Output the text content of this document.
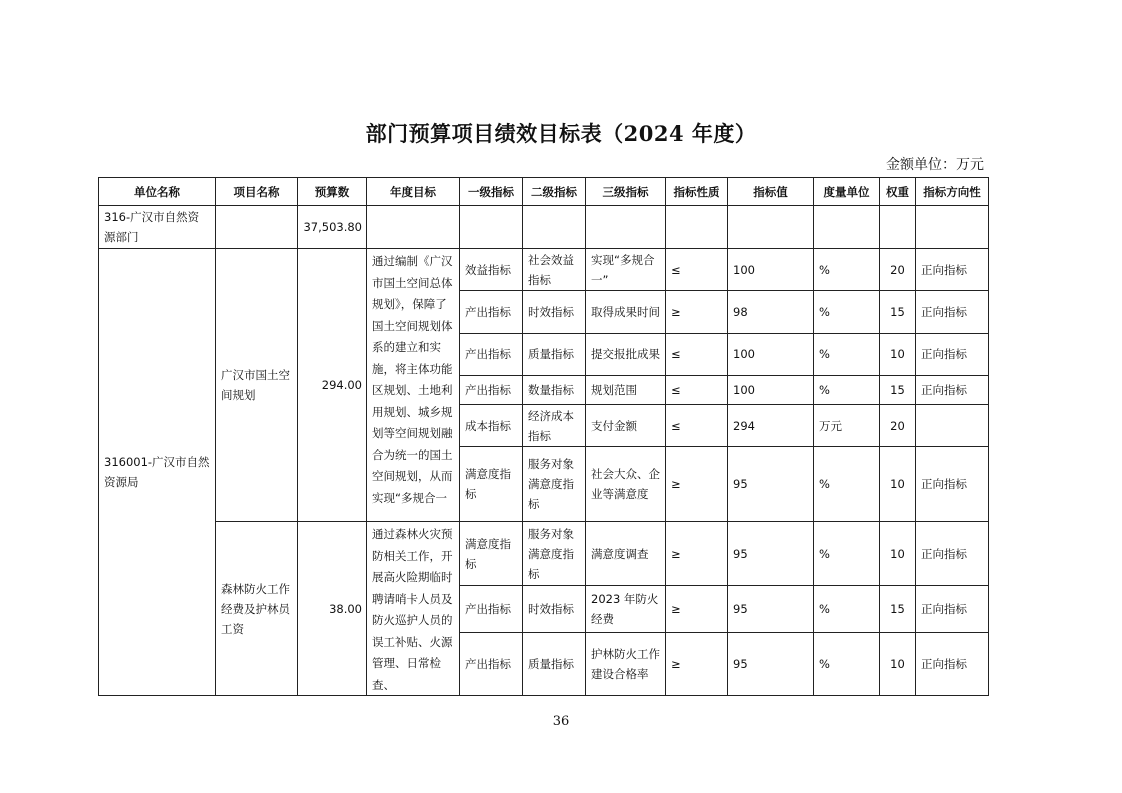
部门预算项目绩效目标表（2024 年度）
金额单位：万元
单位名称	项目名称	预算数	年度目标	一级指标	二级指标	三级指标	指标性质	指标值	度量单位	权重	指标方向性
316-广汉市自然资源部门		37,503.80									
316001-广汉市自然资源局	广汉市国土空间规划	294.00	通过编制《广汉市国土空间总体规划》，保障了国土空间规划体系的建立和实施，将主体功能区规划、土地利用规划、城乡规划等空间规划融合为统一的国土空间规划，从而实现“多规合一	效益指标	社会效益指标	实现“多规合一”	≤	100	%	20	正向指标
				产出指标	时效指标	取得成果时间	≥	98	%	15	正向指标
				产出指标	质量指标	提交报批成果	≤	100	%	10	正向指标
				产出指标	数量指标	规划范围	≤	100	%	15	正向指标
				成本指标	经济成本指标	支付金额	≤	294	万元	20	
				满意度指标	服务对象满意度指标	社会大众、企业等满意度	≥	95	%	10	正向指标
	森林防火工作经费及护林员工资	38.00	通过森林火灾预防相关工作，开展高火险期临时聘请哨卡人员及防火巡护人员的误工补贴、火源管理、日常检查、	满意度指标	服务对象满意度指标	满意度调查	≥	95	%	10	正向指标
				产出指标	时效指标	2023 年防火经费	≥	95	%	15	正向指标
				产出指标	质量指标	护林防火工作建设合格率	≥	95	%	10	正向指标
36
